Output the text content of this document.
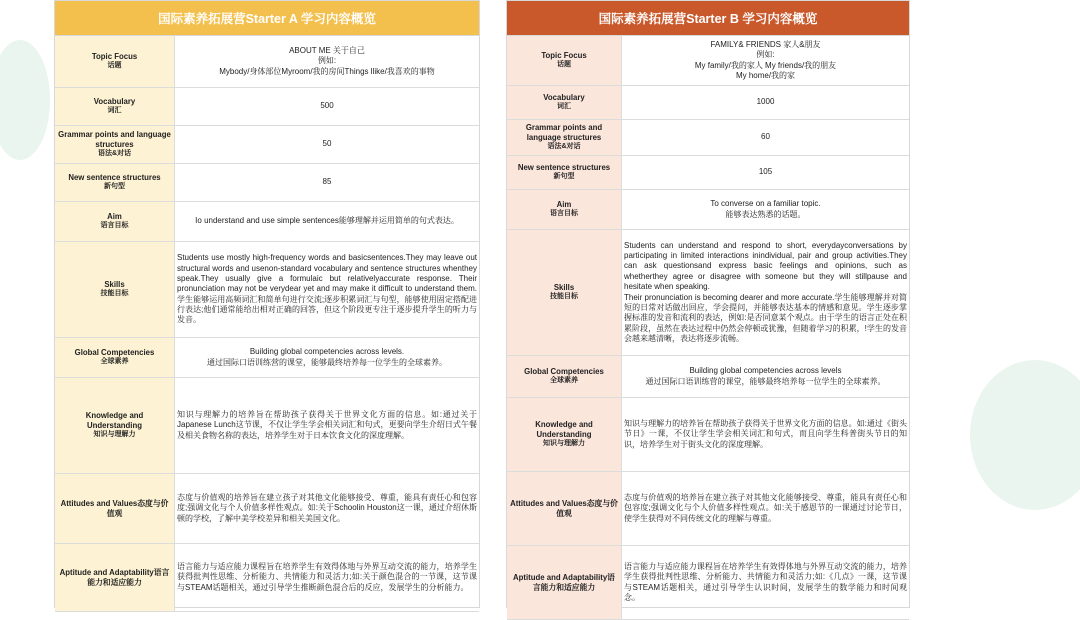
国际素养拓展营Starter A 学习内容概览
Topic Focus
话题

ABOUT ME 关于自己

例如:

Mybody/身体部位Myroom/我的房间Things llike/我喜欢的事物

Vocabulary
词汇

500

Grammar points and language structures
语法&对话

50

New sentence structures
新句型

85

Aim
语言目标

Io understand and use simple sentences能够理解并运用简单的句式表达。

Skills
技能目标

Students use mostly high-frequency words and basicsentences.They may leave out structural words and usenon-standard vocabulary and sentence structures whenthey speak.They usually give a formulaic but relativelyaccurate response. Their pronunciation may not be verydear yet and may make it difficult to understand them.学生能够运用高频词汇和简单句进行交流;逐步积累词汇与句型，能够使用固定搭配进行表达;他们通常能给出相对正确的回答，但这个阶段更专注于逐步提升学生的听力与发音。

Global Competencies
全球素养

Building global competencies across levels.

通过国际口语训练营的课堂，能够最终培养每一位学生的全球素养。

Knowledge and Understanding
知识与理解力

知识与理解力的培养旨在帮助孩子获得关于世界文化方面的信息。如:通过关于Japanese Lunch这节课，不仅让学生学会相关词汇和句式，更要向学生介绍日式午餐及相关食物名称的表达，培养学生对于日本饮食文化的深度理解。

Attitudes and Values态度与价值观

态度与价值观的培养旨在建立孩子对其他文化能够接受、尊重，能具有责任心和包容度;强调文化与个人价值多样性观点。如:关于Schoolin Houston这一课，通过介绍休斯顿的学校，了解中美学校差异和相关美国文化。

Aptitude and Adaptability语言能力和适应能力

语言能力与适应能力课程旨在培养学生有效得体地与外界互动交流的能力，培养学生获得批判性思维、分析能力、共情能力和灵活力;如:关于颜色混合的一节课，这节课与STEAM话题相关，通过引导学生推断颜色混合后的反应，发展学生的分析能力。

国际素养拓展营Starter B 学习内容概览
Topic Focus
话题

FAMILY& FRIENDS 家人&朋友

例如:

My family/我的家人 My friends/我的朋友

My home/我的家

Vocabulary
词汇

1000

Grammar points and language structures
语法&对话

60

New sentence structures
新句型

105

Aim
语言目标

To converse on a familiar topic.

能够表达熟悉的话题。

Skills
技能目标

Students can understand and respond to short, everydayconversations by participating in limited interactions inindividual, pair and group activities.They can ask questionsand express basic feelings and opinions, such as whetherthey agree or disagree with someone but they will stillpause and hesitate when speaking.

Their pronunciation is becoming dearer and more accurate.学生能够理解并对简短的日常对话做出回应，学会提问，并能够表达基本的情感和意见。学生逐步掌握标准的发音和流利的表达，例如:是否同意某个观点。由于学生的语言正处在积累阶段，虽然在表达过程中仍然会停顿或犹豫，但随着学习的积累，!学生的发音会越来越清晰，表达将逐步流畅。

Global Competencies
全球素养

Building global competencies across levels

通过国际口语训练营的课堂，能够最终培养每一位学生的全球素养。

Knowledge and Understanding
知识与理解力

知识与理解力的培养旨在帮助孩子获得关于世界文化方面的信息。如:通过《街头节日》一课，不仅让学生学会相关词汇和句式，而且向学生科普街头节日的知识，培养学生对于街头文化的深度理解。

Attitudes and Values态度与价值观

态度与价值观的培养旨在建立孩子对其他文化能够接受、尊重，能具有责任心和包容度;强调文化与个人价值多样性观点。如:关于感恩节的一课通过讨论节日，使学生获得对不同传统文化的理解与尊重。

Aptitude and Adaptability语言能力和适应能力

语言能力与适应能力课程旨在培养学生有效得体地与外界互动交流的能力，培养学生获得批判性思维、分析能力、共情能力和灵活力;如:《几点》一课，这节课与STEAM话题相关，通过引导学生认识时间，发展学生的数学能力和时间观念。
